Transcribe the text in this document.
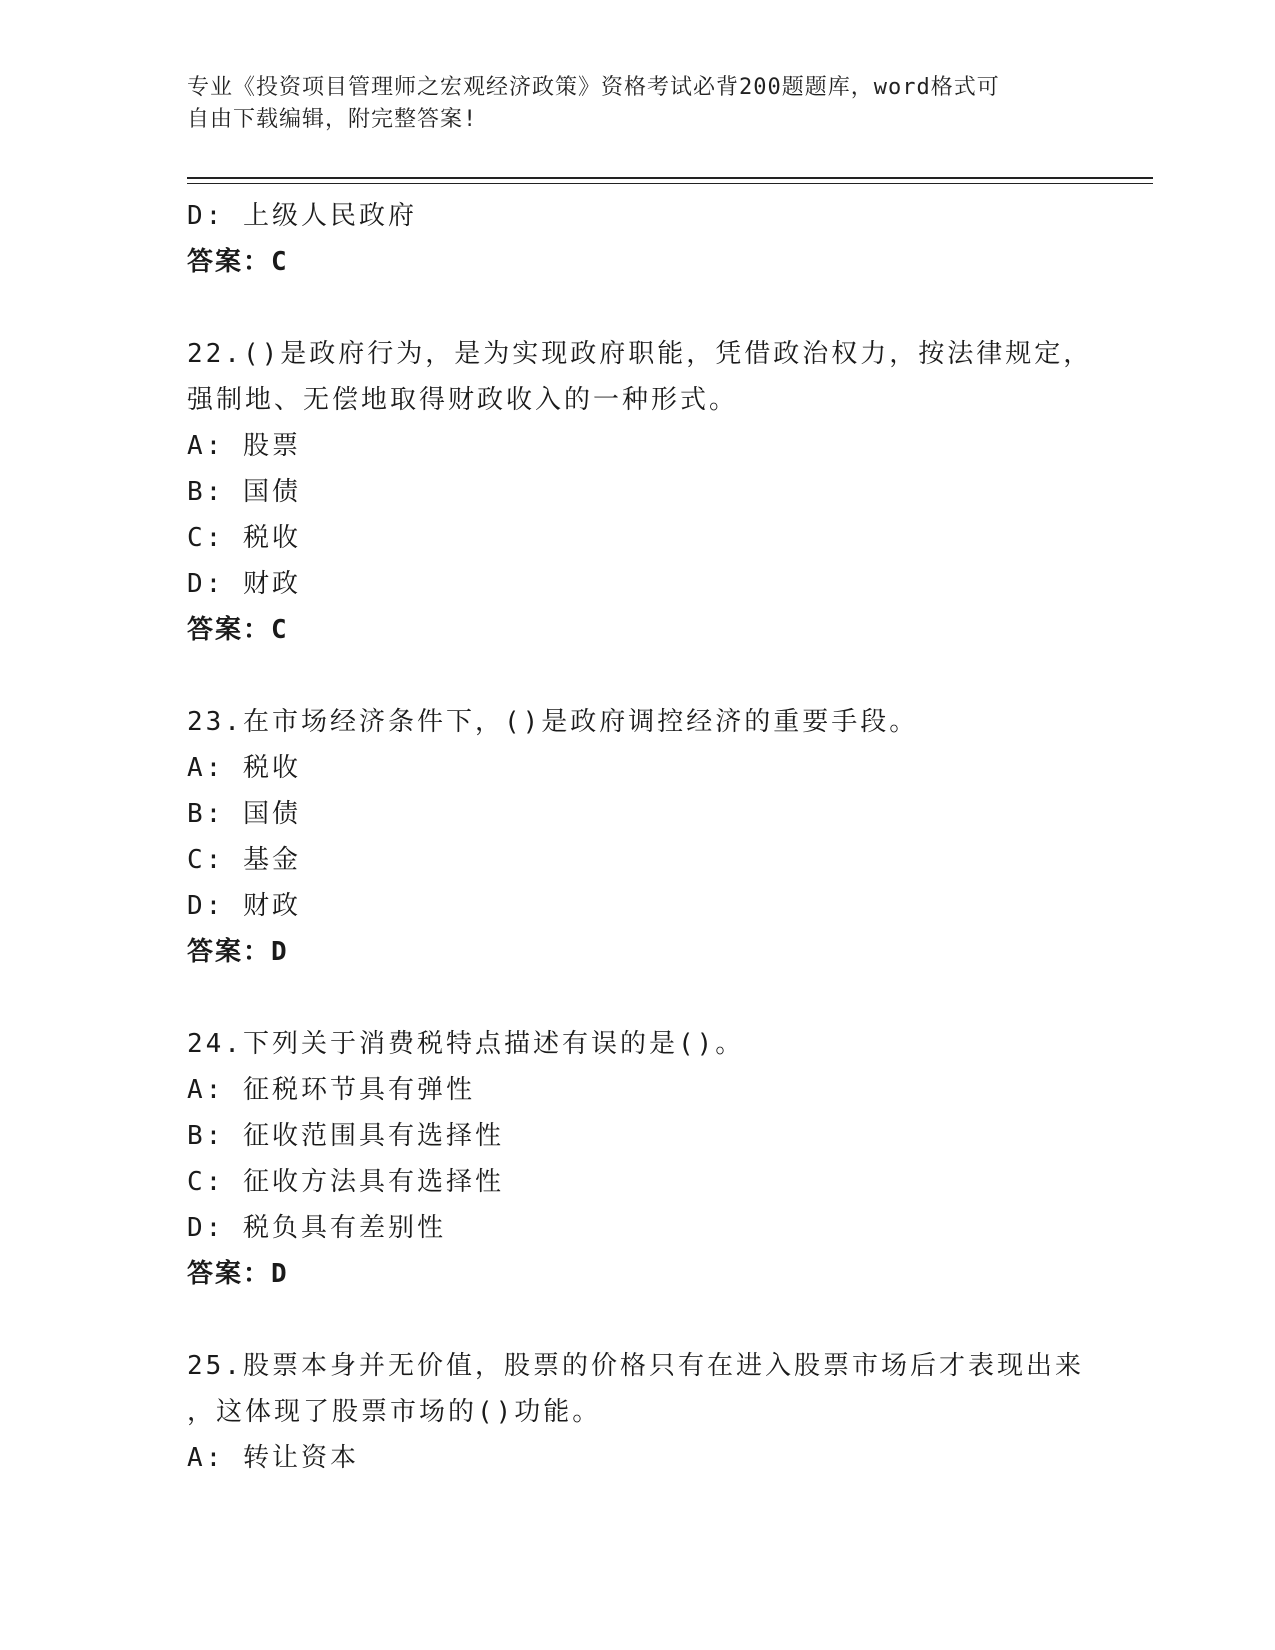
专业《投资项目管理师之宏观经济政策》资格考试必背200题题库，word格式可
自由下载编辑，附完整答案!
D: 上级人民政府
答案：C
22.()是政府行为，是为实现政府职能，凭借政治权力，按法律规定，
强制地、无偿地取得财政收入的一种形式。
A: 股票
B: 国债
C: 税收
D: 财政
答案：C
23.在市场经济条件下，()是政府调控经济的重要手段。
A: 税收
B: 国债
C: 基金
D: 财政
答案：D
24.下列关于消费税特点描述有误的是()。
A: 征税环节具有弹性
B: 征收范围具有选择性
C: 征收方法具有选择性
D: 税负具有差别性
答案：D
25.股票本身并无价值，股票的价格只有在进入股票市场后才表现出来
，这体现了股票市场的()功能。
A: 转让资本
